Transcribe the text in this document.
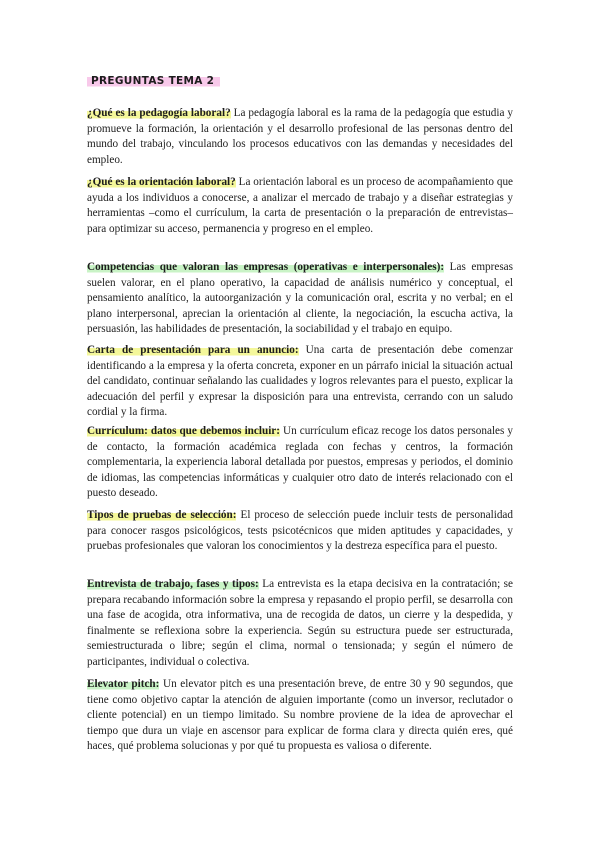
PREGUNTAS TEMA 2

¿Qué es la pedagogía laboral? La pedagogía laboral es la rama de la pedagogía que estudia y promueve la formación, la orientación y el desarrollo profesional de las personas dentro del mundo del trabajo, vinculando los procesos educativos con las demandas y necesidades del empleo.

¿Qué es la orientación laboral? La orientación laboral es un proceso de acompañamiento que ayuda a los individuos a conocerse, a analizar el mercado de trabajo y a diseñar estrategias y herramientas –como el currículum, la carta de presentación o la preparación de entrevistas– para optimizar su acceso, permanencia y progreso en el empleo.

Competencias que valoran las empresas (operativas e interpersonales): Las empresas suelen valorar, en el plano operativo, la capacidad de análisis numérico y conceptual, el pensamiento analítico, la autoorganización y la comunicación oral, escrita y no verbal; en el plano interpersonal, aprecian la orientación al cliente, la negociación, la escucha activa, la persuasión, las habilidades de presentación, la sociabilidad y el trabajo en equipo.

Carta de presentación para un anuncio: Una carta de presentación debe comenzar identificando a la empresa y la oferta concreta, exponer en un párrafo inicial la situación actual del candidato, continuar señalando las cualidades y logros relevantes para el puesto, explicar la adecuación del perfil y expresar la disposición para una entrevista, cerrando con un saludo cordial y la firma.

Currículum: datos que debemos incluir: Un currículum eficaz recoge los datos personales y de contacto, la formación académica reglada con fechas y centros, la formación complementaria, la experiencia laboral detallada por puestos, empresas y periodos, el dominio de idiomas, las competencias informáticas y cualquier otro dato de interés relacionado con el puesto deseado.

Tipos de pruebas de selección: El proceso de selección puede incluir tests de personalidad para conocer rasgos psicológicos, tests psicotécnicos que miden aptitudes y capacidades, y pruebas profesionales que valoran los conocimientos y la destreza específica para el puesto.

Entrevista de trabajo, fases y tipos: La entrevista es la etapa decisiva en la contratación; se prepara recabando información sobre la empresa y repasando el propio perfil, se desarrolla con una fase de acogida, otra informativa, una de recogida de datos, un cierre y la despedida, y finalmente se reflexiona sobre la experiencia. Según su estructura puede ser estructurada, semiestructurada o libre; según el clima, normal o tensionada; y según el número de participantes, individual o colectiva.

Elevator pitch: Un elevator pitch es una presentación breve, de entre 30 y 90 segundos, que tiene como objetivo captar la atención de alguien importante (como un inversor, reclutador o cliente potencial) en un tiempo limitado. Su nombre proviene de la idea de aprovechar el tiempo que dura un viaje en ascensor para explicar de forma clara y directa quién eres, qué haces, qué problema solucionas y por qué tu propuesta es valiosa o diferente.
